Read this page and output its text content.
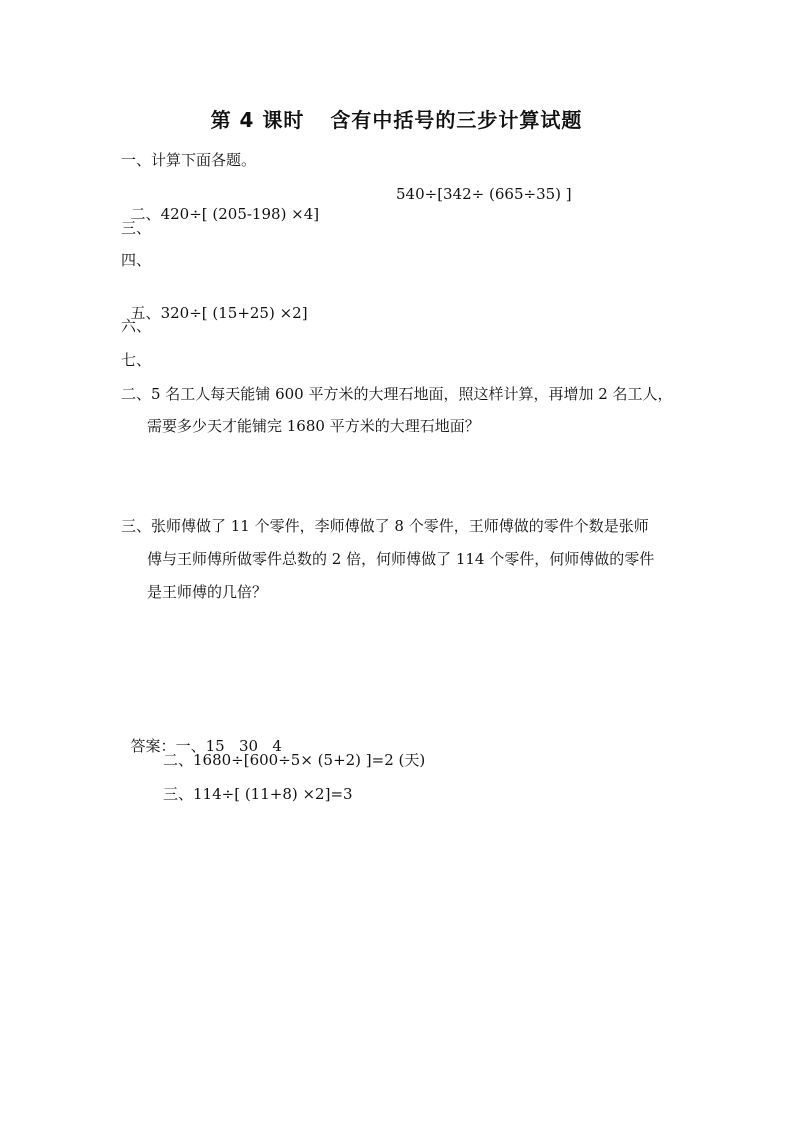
第 4 课时 含有中括号的三步计算试题
一、计算下面各题。

二、420÷[ (205-198) ×4]

540÷[342÷ (665÷35) ]
三、
四、

五、320÷[ (15+25) ×2]

六、
七、
二、5 名工人每天能铺 600 平方米的大理石地面，照这样计算，再增加 2 名工人，
需要多少天才能铺完 1680 平方米的大理石地面？
三、张师傅做了 11 个零件，李师傅做了 8 个零件，王师傅做的零件个数是张师
傅与王师傅所做零件总数的 2 倍，何师傅做了 114 个零件，何师傅做的零件
是王师傅的几倍？

答案：一、15   30   4

二、1680÷[600÷5× (5+2) ]=2 (天)
三、114÷[ (11+8) ×2]=3
